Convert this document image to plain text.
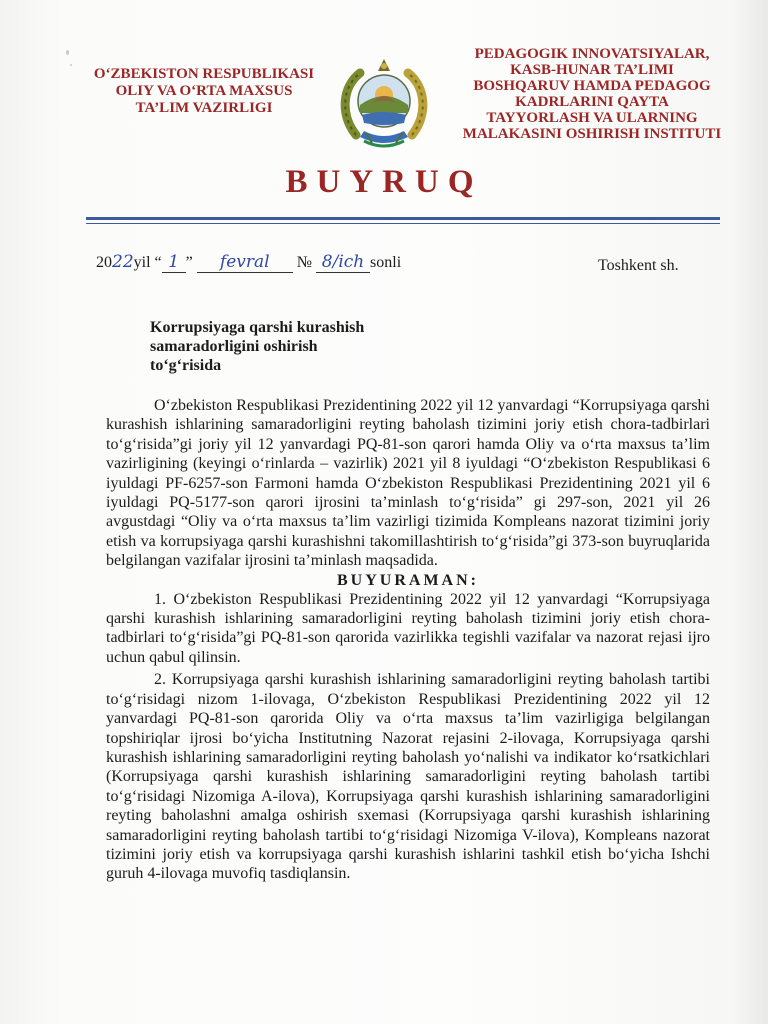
O‘ZBEKISTON RESPUBLIKASI
OLIY VA O‘RTA MAXSUS
TA’LIM VAZIRLIGI
PEDAGOGIK INNOVATSIYALAR,
KASB-HUNAR TA’LIMI
BOSHQARUV HAMDA PEDAGOG
KADRLARINI QAYTA
TAYYORLASH VA ULARNING
MALAKASINI OSHIRISH INSTITUTI
BUYRUQ
2022yil “ 1 ” fevral № 8/ich sonli	Toshkent sh.
Korrupsiyaga qarshi kurashish
samaradorligini oshirish
to‘g‘risida

O‘zbekiston Respublikasi Prezidentining 2022 yil 12 yanvardagi “Korrupsiyaga qarshi kurashish ishlarining samaradorligini reyting baholash tizimini joriy etish chora-tadbirlari to‘g‘risida”gi joriy yil 12 yanvardagi PQ-81-son qarori hamda Oliy va o‘rta maxsus ta’lim vazirligining (keyingi o‘rinlarda – vazirlik) 2021 yil 8 iyuldagi “O‘zbekiston Respublikasi 6 iyuldagi PF-6257-son Farmoni hamda O‘zbekiston Respublikasi Prezidentining 2021 yil 6 iyuldagi PQ-5177-son qarori ijrosini ta’minlash to‘g‘risida” gi 297-son, 2021 yil 26 avgustdagi “Oliy va o‘rta maxsus ta’lim vazirligi tizimida Kompleans nazorat tizimini joriy etish va korrupsiyaga qarshi kurashishni takomillashtirish to‘g‘risida”gi 373-son buyruqlarida belgilangan vazifalar ijrosini ta’minlash maqsadida.

BUYURAMAN:

1. O‘zbekiston Respublikasi Prezidentining 2022 yil 12 yanvardagi “Korrupsiyaga qarshi kurashish ishlarining samaradorligini reyting baholash tizimini joriy etish chora-tadbirlari to‘g‘risida”gi PQ-81-son qarorida vazirlikka tegishli vazifalar va nazorat rejasi ijro uchun qabul qilinsin.

2. Korrupsiyaga qarshi kurashish ishlarining samaradorligini reyting baholash tartibi to‘g‘risidagi nizom 1-ilovaga, O‘zbekiston Respublikasi Prezidentining 2022 yil 12 yanvardagi PQ-81-son qarorida Oliy va o‘rta maxsus ta’lim vazirligiga belgilangan topshiriqlar ijrosi bo‘yicha Institutning Nazorat rejasini 2-ilovaga, Korrupsiyaga qarshi kurashish ishlarining samaradorligini reyting baholash yo‘nalishi va indikator ko‘rsatkichlari (Korrupsiyaga qarshi kurashish ishlarining samaradorligini reyting baholash tartibi to‘g‘risidagi Nizomiga A-ilova), Korrupsiyaga qarshi kurashish ishlarining samaradorligini reyting baholashni amalga oshirish sxemasi (Korrupsiyaga qarshi kurashish ishlarining samaradorligini reyting baholash tartibi to‘g‘risidagi Nizomiga V-ilova), Kompleans nazorat tizimini joriy etish va korrupsiyaga qarshi kurashish ishlarini tashkil etish bo‘yicha Ishchi guruh 4-ilovaga muvofiq tasdiqlansin.
